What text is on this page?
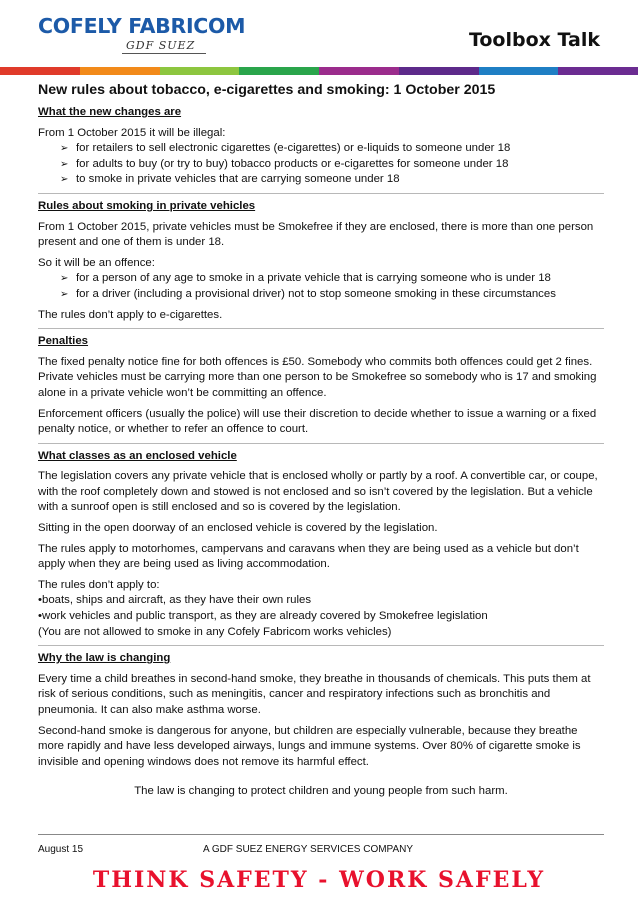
COFELY FABRICOM
GDF SUEZ	Toolbox Talk
New rules about tobacco, e-cigarettes and smoking: 1 October 2015
What the new changes are
From 1 October 2015 it will be illegal:
➢ for retailers to sell electronic cigarettes (e-cigarettes) or e-liquids to someone under 18
➢ for adults to buy (or try to buy) tobacco products or e-cigarettes for someone under 18
➢ to smoke in private vehicles that are carrying someone under 18
Rules about smoking in private vehicles
From 1 October 2015, private vehicles must be Smokefree if they are enclosed, there is more than one person present and one of them is under 18.
So it will be an offence:
➢ for a person of any age to smoke in a private vehicle that is carrying someone who is under 18
➢ for a driver (including a provisional driver) not to stop someone smoking in these circumstances
The rules don’t apply to e-cigarettes.
Penalties
The fixed penalty notice fine for both offences is £50. Somebody who commits both offences could get 2 fines. Private vehicles must be carrying more than one person to be Smokefree so somebody who is 17 and smoking alone in a private vehicle won’t be committing an offence.
Enforcement officers (usually the police) will use their discretion to decide whether to issue a warning or a fixed penalty notice, or whether to refer an offence to court.
What classes as an enclosed vehicle
The legislation covers any private vehicle that is enclosed wholly or partly by a roof. A convertible car, or coupe, with the roof completely down and stowed is not enclosed and so isn’t covered by the legislation. But a vehicle with a sunroof open is still enclosed and so is covered by the legislation.
Sitting in the open doorway of an enclosed vehicle is covered by the legislation.
The rules apply to motorhomes, campervans and caravans when they are being used as a vehicle but don’t apply when they are being used as living accommodation.
The rules don’t apply to:
•boats, ships and aircraft, as they have their own rules
•work vehicles and public transport, as they are already covered by Smokefree legislation
(You are not allowed to smoke in any Cofely Fabricom works vehicles)
Why the law is changing
Every time a child breathes in second-hand smoke, they breathe in thousands of chemicals. This puts them at risk of serious conditions, such as meningitis, cancer and respiratory infections such as bronchitis and pneumonia. It can also make asthma worse.
Second-hand smoke is dangerous for anyone, but children are especially vulnerable, because they breathe more rapidly and have less developed airways, lungs and immune systems. Over 80% of cigarette smoke is invisible and opening windows does not remove its harmful effect.
The law is changing to protect children and young people from such harm.
August 15	A GDF SUEZ ENERGY SERVICES COMPANY
THINK SAFETY - WORK SAFELY
